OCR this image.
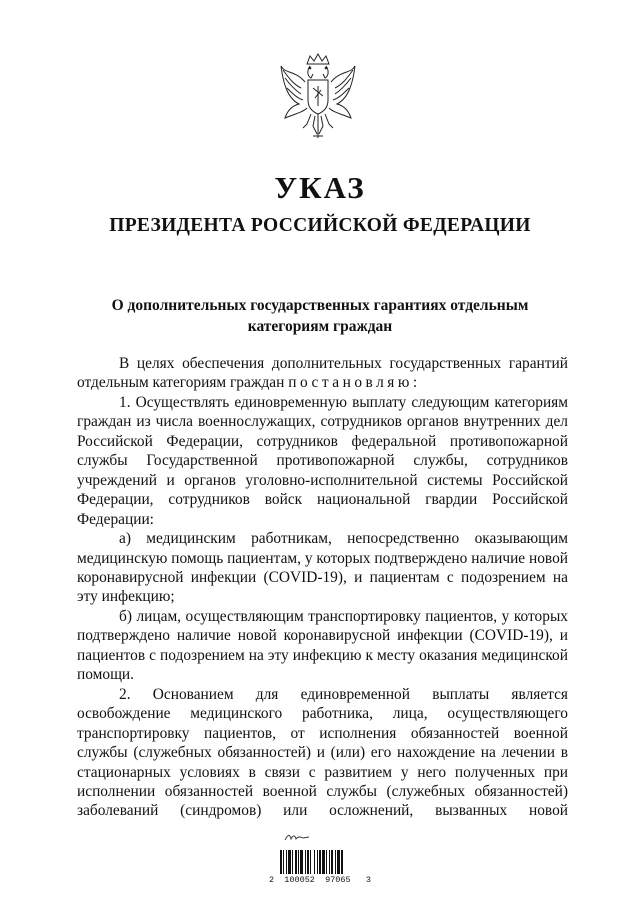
УКАЗ
ПРЕЗИДЕНТА РОССИЙСКОЙ ФЕДЕРАЦИИ
О дополнительных государственных гарантиях отдельным
категориям граждан

В целях обеспечения дополнительных государственных гарантий отдельным категориям граждан постановляю:

1. Осуществлять единовременную выплату следующим категориям граждан из числа военнослужащих, сотрудников органов внутренних дел Российской Федерации, сотрудников федеральной противопожарной службы Государственной противопожарной службы, сотрудников учреждений и органов уголовно-исполнительной системы Российской Федерации, сотрудников войск национальной гвардии Российской Федерации:

а) медицинским работникам, непосредственно оказывающим медицинскую помощь пациентам, у которых подтверждено наличие новой коронавирусной инфекции (COVID-19), и пациентам с подозрением на эту инфекцию;

б) лицам, осуществляющим транспортировку пациентов, у которых подтверждено наличие новой коронавирусной инфекции (COVID-19), и пациентов с подозрением на эту инфекцию к месту оказания медицинской помощи.

2. Основанием для единовременной выплаты является освобождение медицинского работника, лица, осуществляющего транспортировку пациентов, от исполнения обязанностей военной службы (служебных обязанностей) и (или) его нахождение на лечении в стационарных условиях в связи с развитием у него полученных при исполнении обязанностей военной службы (служебных обязанностей) заболеваний (синдромов) или осложнений, вызванных новой

2  100052  97065   3
